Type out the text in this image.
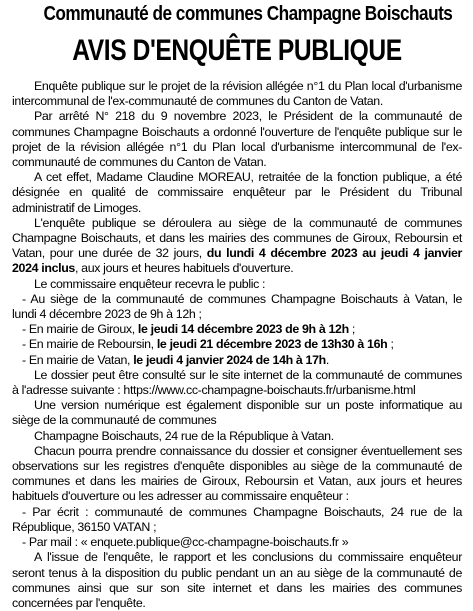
Communauté de communes Champagne Boischauts
AVIS D'ENQUÊTE PUBLIQUE

Enquête publique sur le projet de la révision allégée n°1 du Plan local d'urbanisme intercommunal de l'ex-communauté de communes du Canton de Vatan.

Par arrêté N° 218 du 9 novembre 2023, le Président de la communauté de communes Champagne Boischauts a ordonné l'ouverture de l'enquête publique sur le projet de la révision allégée n°1 du Plan local d'urbanisme intercommunal de l'ex-communauté de communes du Canton de Vatan.

A cet effet, Madame Claudine MOREAU, retraitée de la fonction publique, a été désignée en qualité de commissaire enquêteur par le Président du Tribunal administratif de Limoges.

L'enquête publique se déroulera au siège de la communauté de communes Champagne Boischauts, et dans les mairies des communes de Giroux, Reboursin et Vatan, pour une durée de 32 jours, du lundi 4 décembre 2023 au jeudi 4 janvier 2024 inclus, aux jours et heures habituels d'ouverture.

Le commissaire enquêteur recevra le public :

- Au siège de la communauté de communes Champagne Boischauts à Vatan, le lundi 4 décembre 2023 de 9h à 12h ;

- En mairie de Giroux, le jeudi 14 décembre 2023 de 9h à 12h ;

- En mairie de Reboursin, le jeudi 21 décembre 2023 de 13h30 à 16h ;

- En mairie de Vatan, le jeudi 4 janvier 2024 de 14h à 17h.

Le dossier peut être consulté sur le site internet de la communauté de communes à l'adresse suivante : https://www.cc-champagne-boischauts.fr/urbanisme.html

Une version numérique est également disponible sur un poste informatique au siège de la communauté de communes

Champagne Boischauts, 24 rue de la République à Vatan.

Chacun pourra prendre connaissance du dossier et consigner éventuellement ses observations sur les registres d'enquête disponibles au siège de la communauté de communes et dans les mairies de Giroux, Reboursin et Vatan, aux jours et heures habituels d'ouverture ou les adresser au commissaire enquêteur :

- Par écrit : communauté de communes Champagne Boischauts, 24 rue de la République, 36150 VATAN ;

- Par mail : « enquete.publique@cc-champagne-boischauts.fr »

A l'issue de l'enquête, le rapport et les conclusions du commissaire enquêteur seront tenus à la disposition du public pendant un an au siège de la communauté de communes ainsi que sur son site internet et dans les mairies des communes concernées par l'enquête.
